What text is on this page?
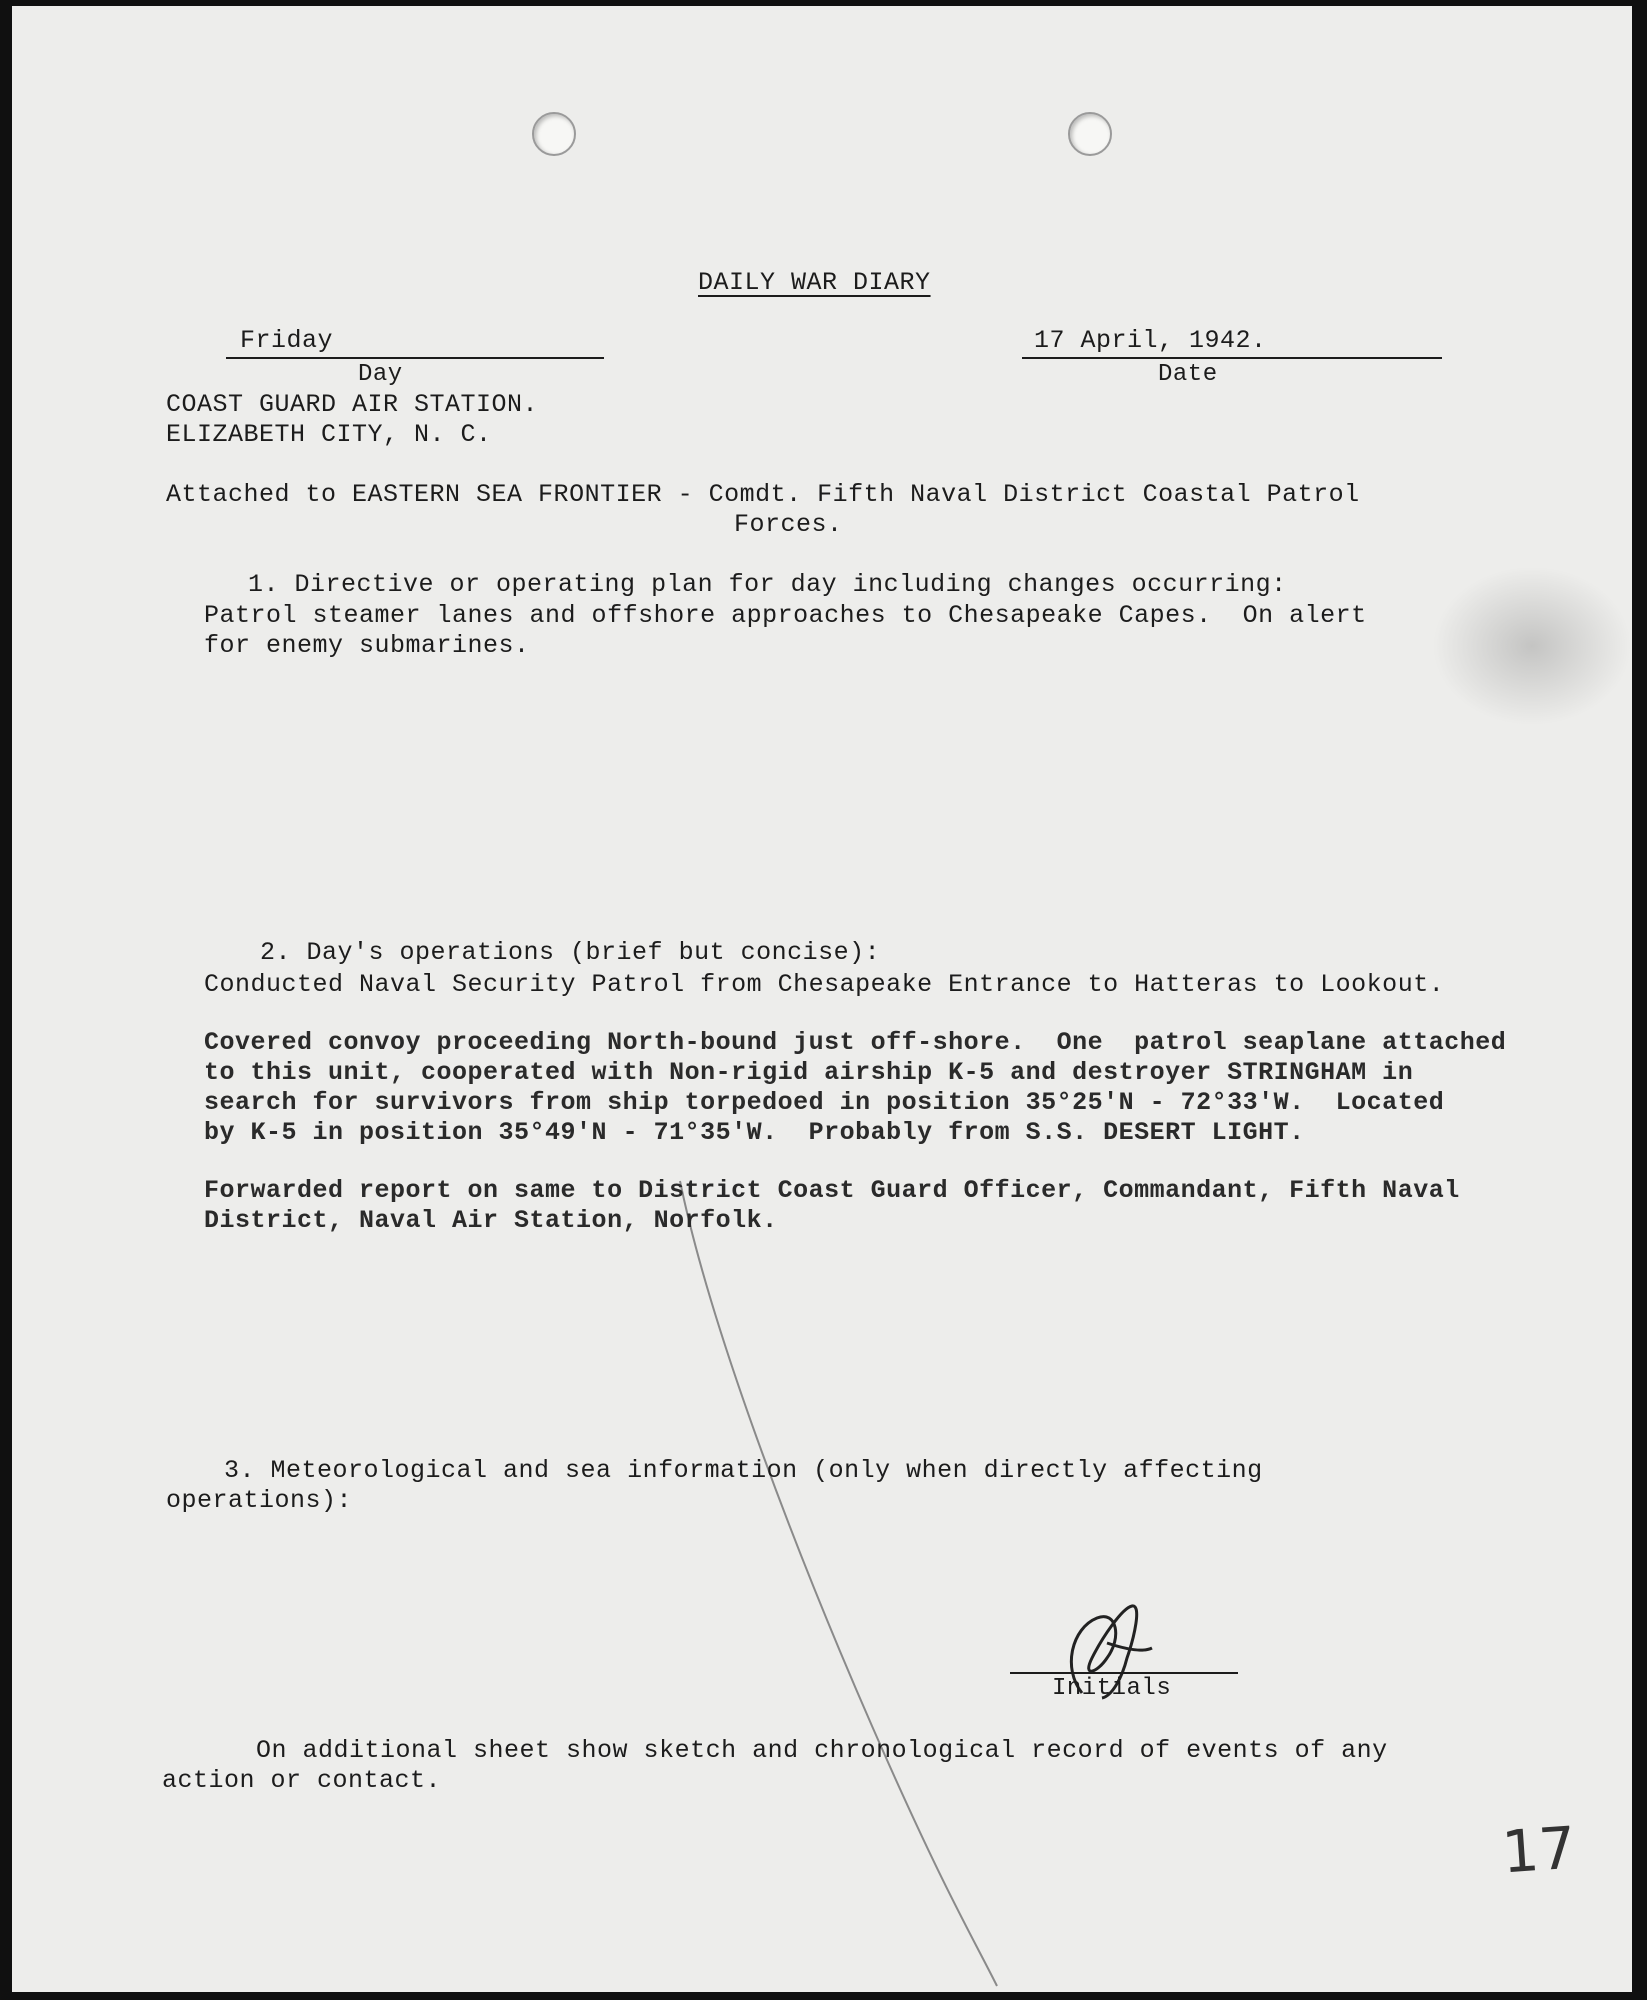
DAILY WAR DIARY
Friday
Day
17 April, 1942.
Date
COAST GUARD AIR STATION.
ELIZABETH CITY, N. C.
Attached to EASTERN SEA FRONTIER - Comdt. Fifth Naval District Coastal Patrol
Forces.
1. Directive or operating plan for day including changes occurring:
Patrol steamer lanes and offshore approaches to Chesapeake Capes.  On alert
for enemy submarines.
2. Day's operations (brief but concise):
Conducted Naval Security Patrol from Chesapeake Entrance to Hatteras to Lookout.
Covered convoy proceeding North-bound just off-shore.  One  patrol seaplane attached
to this unit, cooperated with Non-rigid airship K-5 and destroyer STRINGHAM in
search for survivors from ship torpedoed in position 35°25'N - 72°33'W.  Located
by K-5 in position 35°49'N - 71°35'W.  Probably from S.S. DESERT LIGHT.
Forwarded report on same to District Coast Guard Officer, Commandant, Fifth Naval
District, Naval Air Station, Norfolk.
3. Meteorological and sea information (only when directly affecting
operations):
Initials
On additional sheet show sketch and chronological record of events of any
action or contact.
17
